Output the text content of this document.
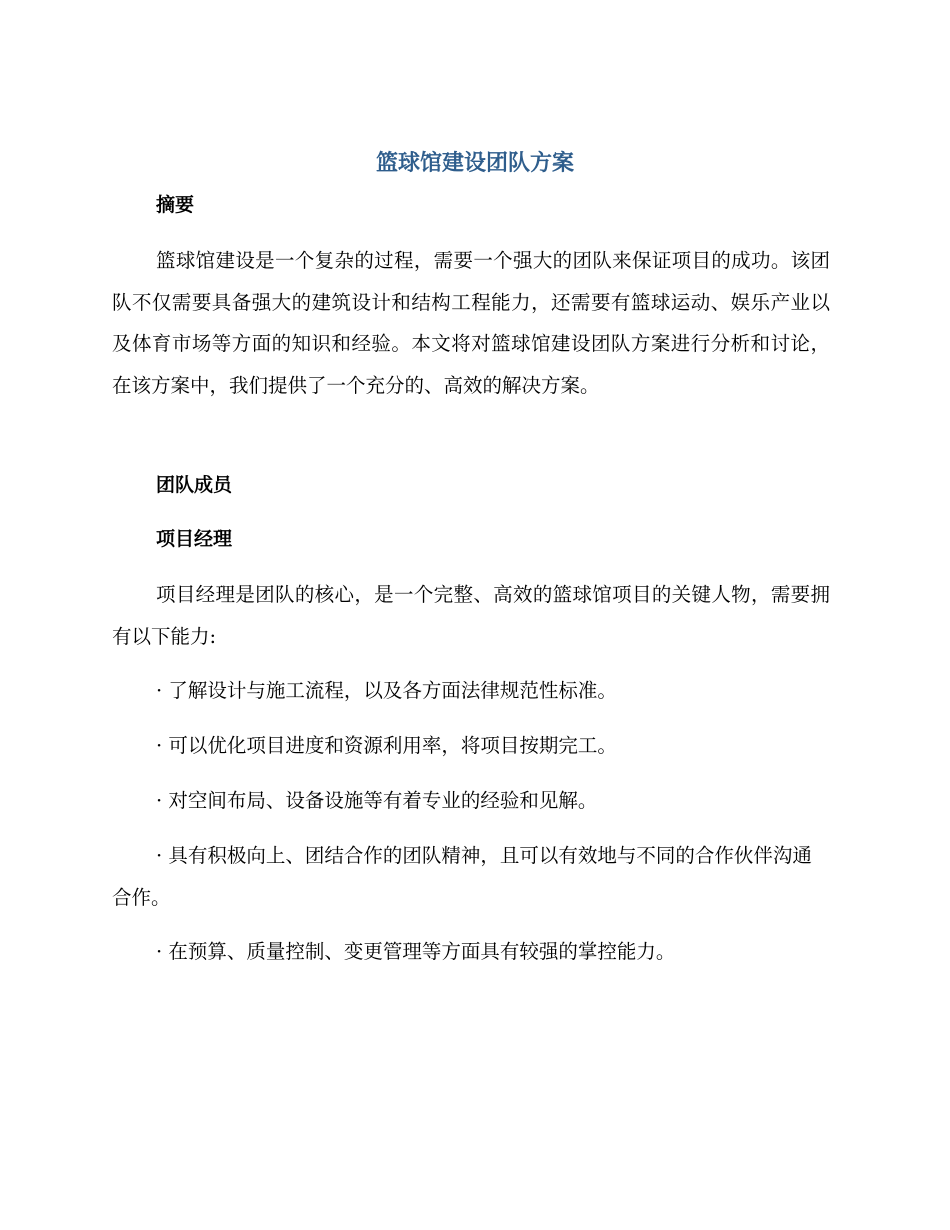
篮球馆建设团队方案
摘要

篮球馆建设是一个复杂的过程，需要一个强大的团队来保证项目的成功。该团队不仅需要具备强大的建筑设计和结构工程能力，还需要有篮球运动、娱乐产业以及体育市场等方面的知识和经验。本文将对篮球馆建设团队方案进行分析和讨论，在该方案中，我们提供了一个充分的、高效的解决方案。

团队成员
项目经理

项目经理是团队的核心，是一个完整、高效的篮球馆项目的关键人物，需要拥有以下能力:

· 了解设计与施工流程，以及各方面法律规范性标准。

· 可以优化项目进度和资源利用率，将项目按期完工。

· 对空间布局、设备设施等有着专业的经验和见解。

· 具有积极向上、团结合作的团队精神，且可以有效地与不同的合作伙伴沟通合作。

· 在预算、质量控制、变更管理等方面具有较强的掌控能力。
